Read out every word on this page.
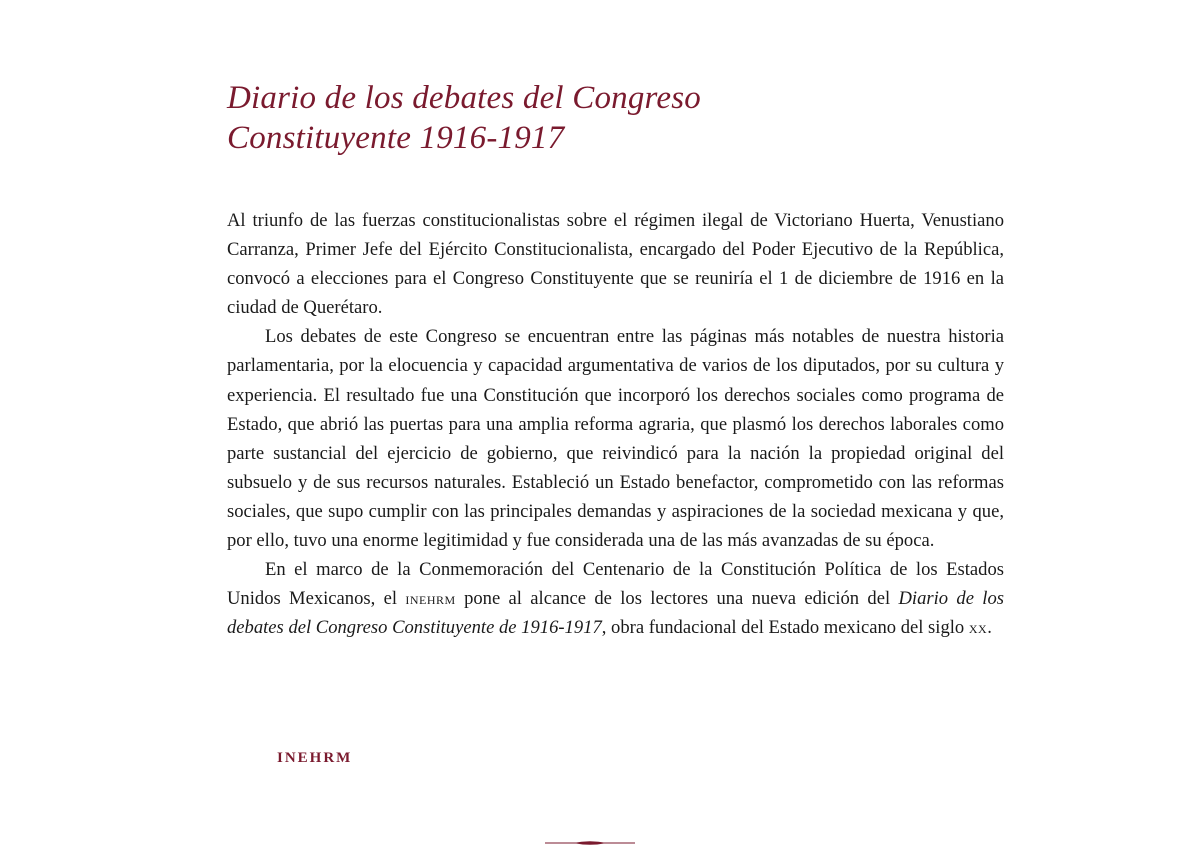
Diario de los debates del Congreso
Constituyente 1916-1917

Al triunfo de las fuerzas constitucionalistas sobre el régimen ilegal de Victoriano Huerta, Venustiano Carranza, Primer Jefe del Ejército Constitucionalista, encargado del Poder Ejecutivo de la República, convocó a elecciones para el Congreso Constituyente que se reuniría el 1 de diciembre de 1916 en la ciudad de Querétaro.

Los debates de este Congreso se encuentran entre las páginas más notables de nuestra historia parlamentaria, por la elocuencia y capacidad argumentativa de varios de los diputados, por su cultura y experiencia. El resultado fue una Constitución que incorporó los derechos sociales como programa de Estado, que abrió las puertas para una amplia reforma agraria, que plasmó los derechos laborales como parte sustancial del ejercicio de gobierno, que reivindicó para la nación la propiedad original del subsuelo y de sus recursos naturales. Estableció un Estado benefactor, comprometido con las reformas sociales, que supo cumplir con las principales demandas y aspiraciones de la sociedad mexicana y que, por ello, tuvo una enorme legitimidad y fue considerada una de las más avanzadas de su época.

En el marco de la Conmemoración del Centenario de la Constitución Política de los Estados Unidos Mexicanos, el inehrm pone al alcance de los lectores una nueva edición del Diario de los debates del Congreso Constituyente de 1916-1917, obra fundacional del Estado mexicano del siglo xx.

INEHRM
